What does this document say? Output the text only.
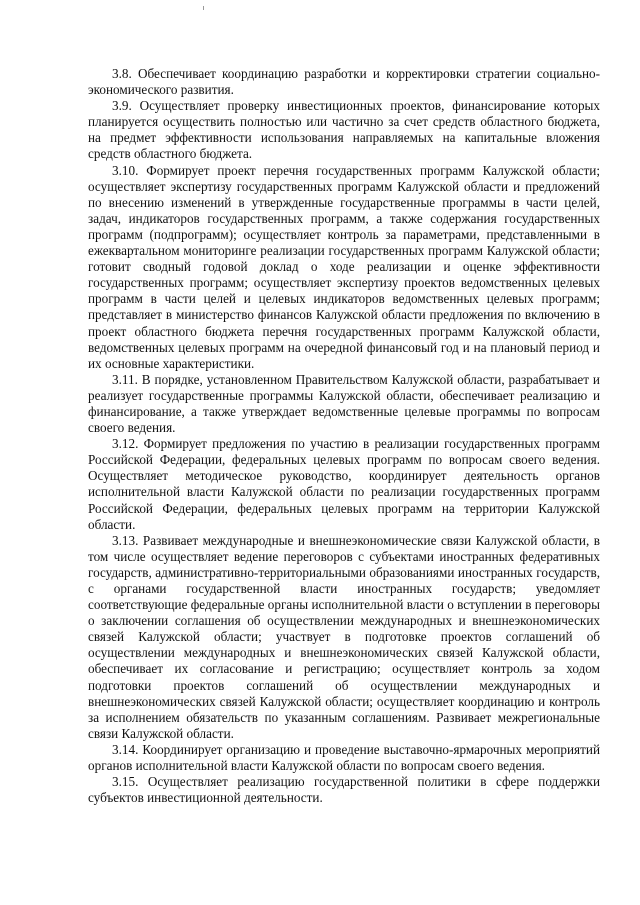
3.8. Обеспечивает координацию разработки и корректировки стратегии социально-экономического развития.

3.9. Осуществляет проверку инвестиционных проектов, финансирование которых планируется осуществить полностью или частично за счет средств областного бюджета, на предмет эффективности использования направляемых на капитальные вложения средств областного бюджета.

3.10. Формирует проект перечня государственных программ Калужской области; осуществляет экспертизу государственных программ Калужской области и предложений по внесению изменений в утвержденные государственные программы в части целей, задач, индикаторов государственных программ, а также содержания государственных программ (подпрограмм); осуществляет контроль за параметрами, представленными в ежеквартальном мониторинге реализации государственных программ Калужской области; готовит сводный годовой доклад о ходе реализации и оценке эффективности государственных программ; осуществляет экспертизу проектов ведомственных целевых программ в части целей и целевых индикаторов ведомственных целевых программ; представляет в министерство финансов Калужской области предложения по включению в проект областного бюджета перечня государственных программ Калужской области, ведомственных целевых программ на очередной финансовый год и на плановый период и их основные характеристики.

3.11. В порядке, установленном Правительством Калужской области, разрабатывает и реализует государственные программы Калужской области, обеспечивает реализацию и финансирование, а также утверждает ведомственные целевые программы по вопросам своего ведения.

3.12. Формирует предложения по участию в реализации государственных программ Российской Федерации, федеральных целевых программ по вопросам своего ведения. Осуществляет методическое руководство, координирует деятельность органов исполнительной власти Калужской области по реализации государственных программ Российской Федерации, федеральных целевых программ на территории Калужской области.

3.13. Развивает международные и внешнеэкономические связи Калужской области, в том числе осуществляет ведение переговоров с субъектами иностранных федеративных государств, административно-территориальными образованиями иностранных государств, с органами государственной власти иностранных государств; уведомляет соответствующие федеральные органы исполнительной власти о вступлении в переговоры о заключении соглашения об осуществлении международных и внешнеэкономических связей Калужской области; участвует в подготовке проектов соглашений об осуществлении международных и внешнеэкономических связей Калужской области, обеспечивает их согласование и регистрацию; осуществляет контроль за ходом подготовки проектов соглашений об осуществлении международных и внешнеэкономических связей Калужской области; осуществляет координацию и контроль за исполнением обязательств по указанным соглашениям. Развивает межрегиональные связи Калужской области.

3.14. Координирует организацию и проведение выставочно-ярмарочных мероприятий органов исполнительной власти Калужской области по вопросам своего ведения.

3.15. Осуществляет реализацию государственной политики в сфере поддержки субъектов инвестиционной деятельности.
